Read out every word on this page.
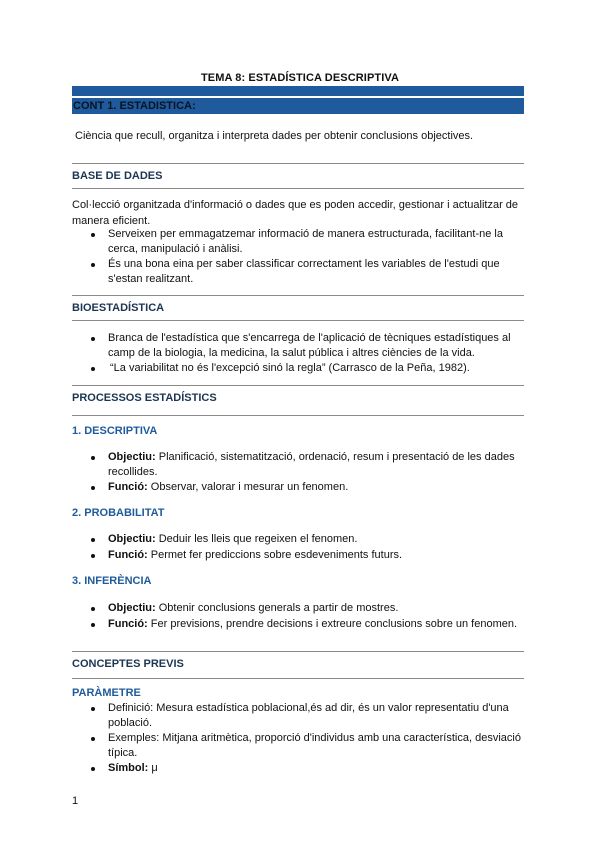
TEMA 8: ESTADÍSTICA DESCRIPTIVA
CONT 1. ESTADISTICA:
Ciència que recull, organitza i interpreta dades per obtenir conclusions objectives.
BASE DE DADES
Col·lecció organitzada d'informació o dades que es poden accedir, gestionar i actualitzar de
manera eficient.
Serveixen per emmagatzemar informació de manera estructurada, facilitant-ne la
cerca, manipulació i anàlisi.
És una bona eina per saber classificar correctament les variables de l'estudi que
s'estan realitzant.
BIOESTADÍSTICA
Branca de l'estadística que s'encarrega de l'aplicació de tècniques estadístiques al
camp de la biologia, la medicina, la salut pública i altres ciències de la vida.
“La variabilitat no és l'excepció sinó la regla” (Carrasco de la Peña, 1982).
PROCESSOS ESTADÍSTICS
1. DESCRIPTIVA
Objectiu: Planificació, sistematització, ordenació, resum i presentació de les dades
recollides.
Funció: Observar, valorar i mesurar un fenomen.
2. PROBABILITAT
Objectiu: Deduir les lleis que regeixen el fenomen.
Funció: Permet fer prediccions sobre esdeveniments futurs.
3. INFERÈNCIA
Objectiu: Obtenir conclusions generals a partir de mostres.
Funció: Fer previsions, prendre decisions i extreure conclusions sobre un fenomen.
CONCEPTES PREVIS
PARÀMETRE
Definició: Mesura estadística poblacional,és ad dir, és un valor representatiu d'una
població.
Exemples: Mitjana aritmètica, proporció d'individus amb una característica, desviació
típica.
Símbol: μ
1
